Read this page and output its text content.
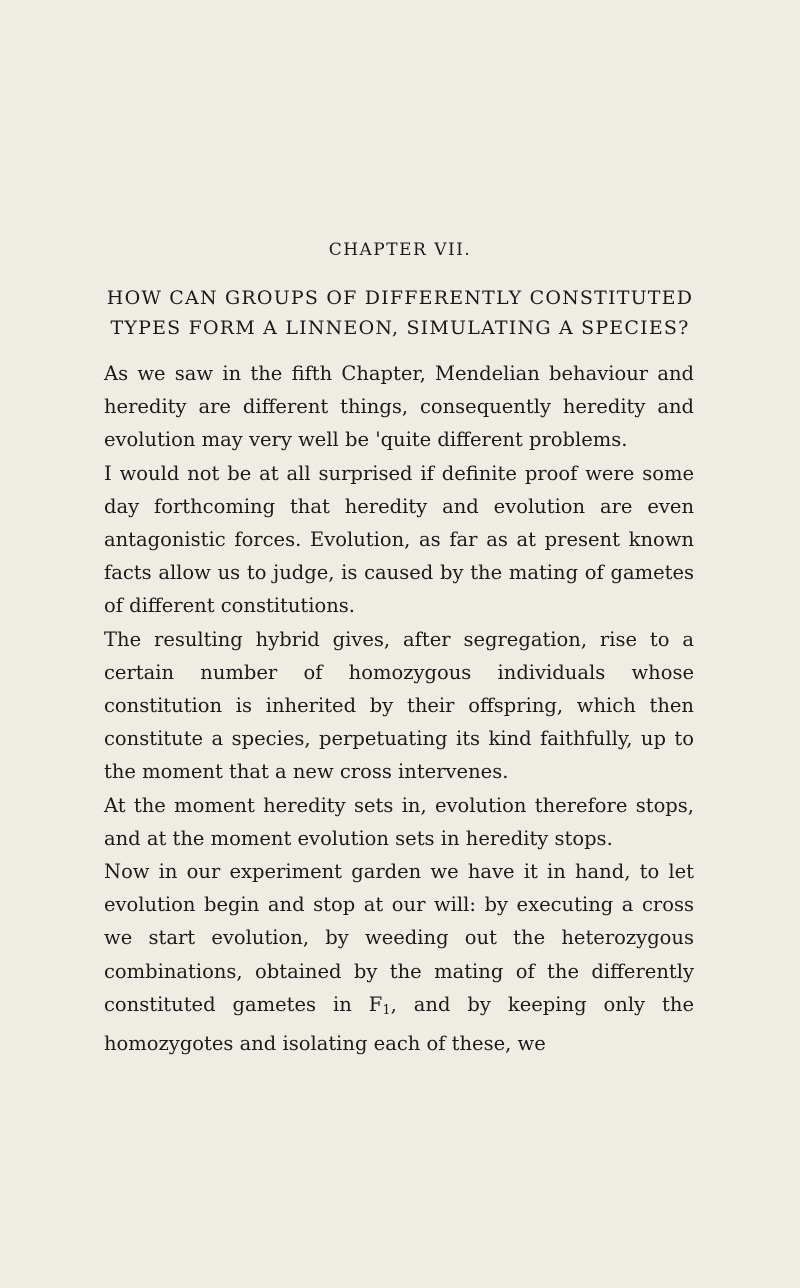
CHAPTER VII.
HOW CAN GROUPS OF DIFFERENTLY CONSTITUTED
TYPES FORM A LINNEON, SIMULATING A SPECIES?

As we saw in the fifth Chapter, Mendelian behaviour and heredity are different things, consequently heredity and evolution may very well be 'quite different problems.

I would not be at all surprised if definite proof were some day forthcoming that heredity and evolution are even antagonistic forces. Evolution, as far as at present known facts allow us to judge, is caused by the mating of gametes of different constitutions.

The resulting hybrid gives, after segregation, rise to a certain number of homozygous individuals whose constitution is inherited by their offspring, which then constitute a species, perpetuating its kind faithfully, up to the moment that a new cross intervenes.

At the moment heredity sets in, evolution therefore stops, and at the moment evolution sets in heredity stops.

Now in our experiment garden we have it in hand, to let evolution begin and stop at our will: by executing a cross we start evolution, by weeding out the heterozygous combinations, obtained by the mating of the differently constituted gametes in $F_1$, and by keeping only the homozygotes and isolating each of these, we
